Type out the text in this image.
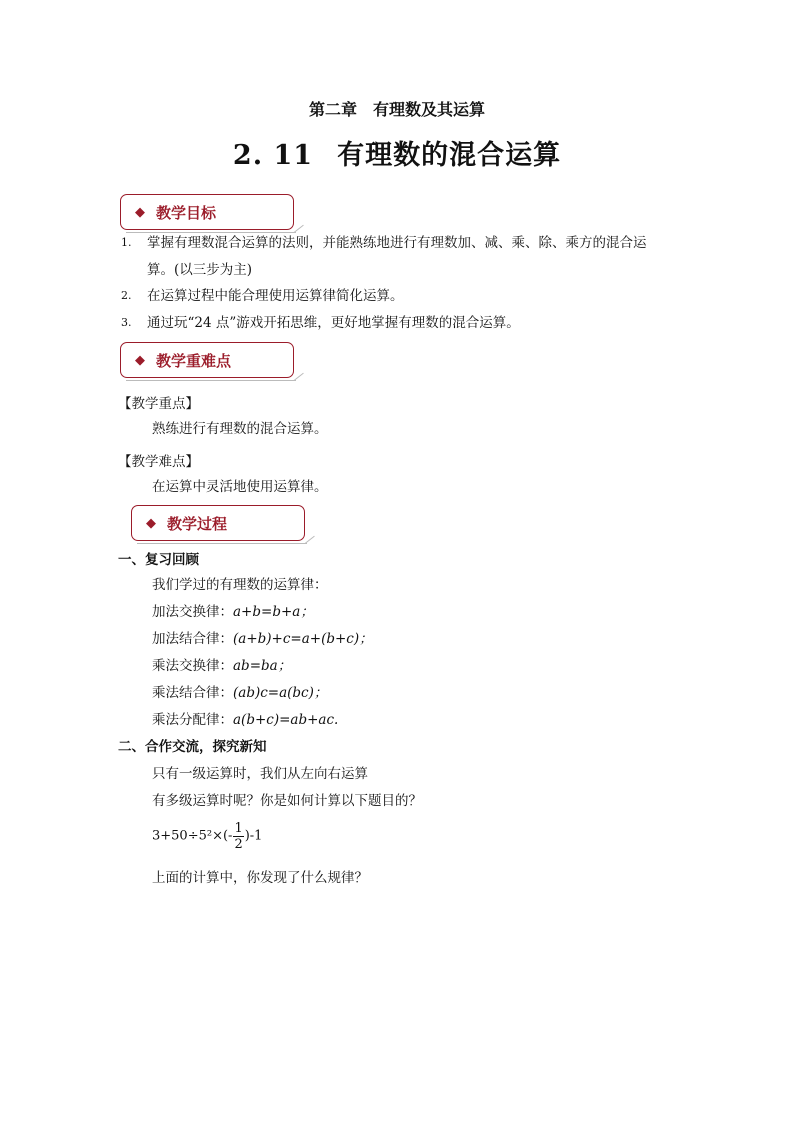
第二章　有理数及其运算
2. 11 有理数的混合运算
◆ 教学目标
1. 掌握有理数混合运算的法则，并能熟练地进行有理数加、减、乘、除、乘方的混合运
算。(以三步为主)
2. 在运算过程中能合理使用运算律简化运算。
3. 通过玩“24 点”游戏开拓思维，更好地掌握有理数的混合运算。
◆ 教学重难点
【教学重点】
熟练进行有理数的混合运算。
【教学难点】
在运算中灵活地使用运算律。
◆ 教学过程
一、复习回顾
我们学过的有理数的运算律：
加法交换律：a+b=b+a；
加法结合律：(a+b)+c=a+(b+c)；
乘法交换律：ab=ba；
乘法结合律：(ab)c=a(bc)；
乘法分配律：a(b+c)=ab+ac.
二、合作交流，探究新知
只有一级运算时，我们从左向右运算
有多级运算时呢？你是如何计算以下题目的？
$3+50\div 5^2\times(- \frac{1}{2} )-1$
上面的计算中，你发现了什么规律？
